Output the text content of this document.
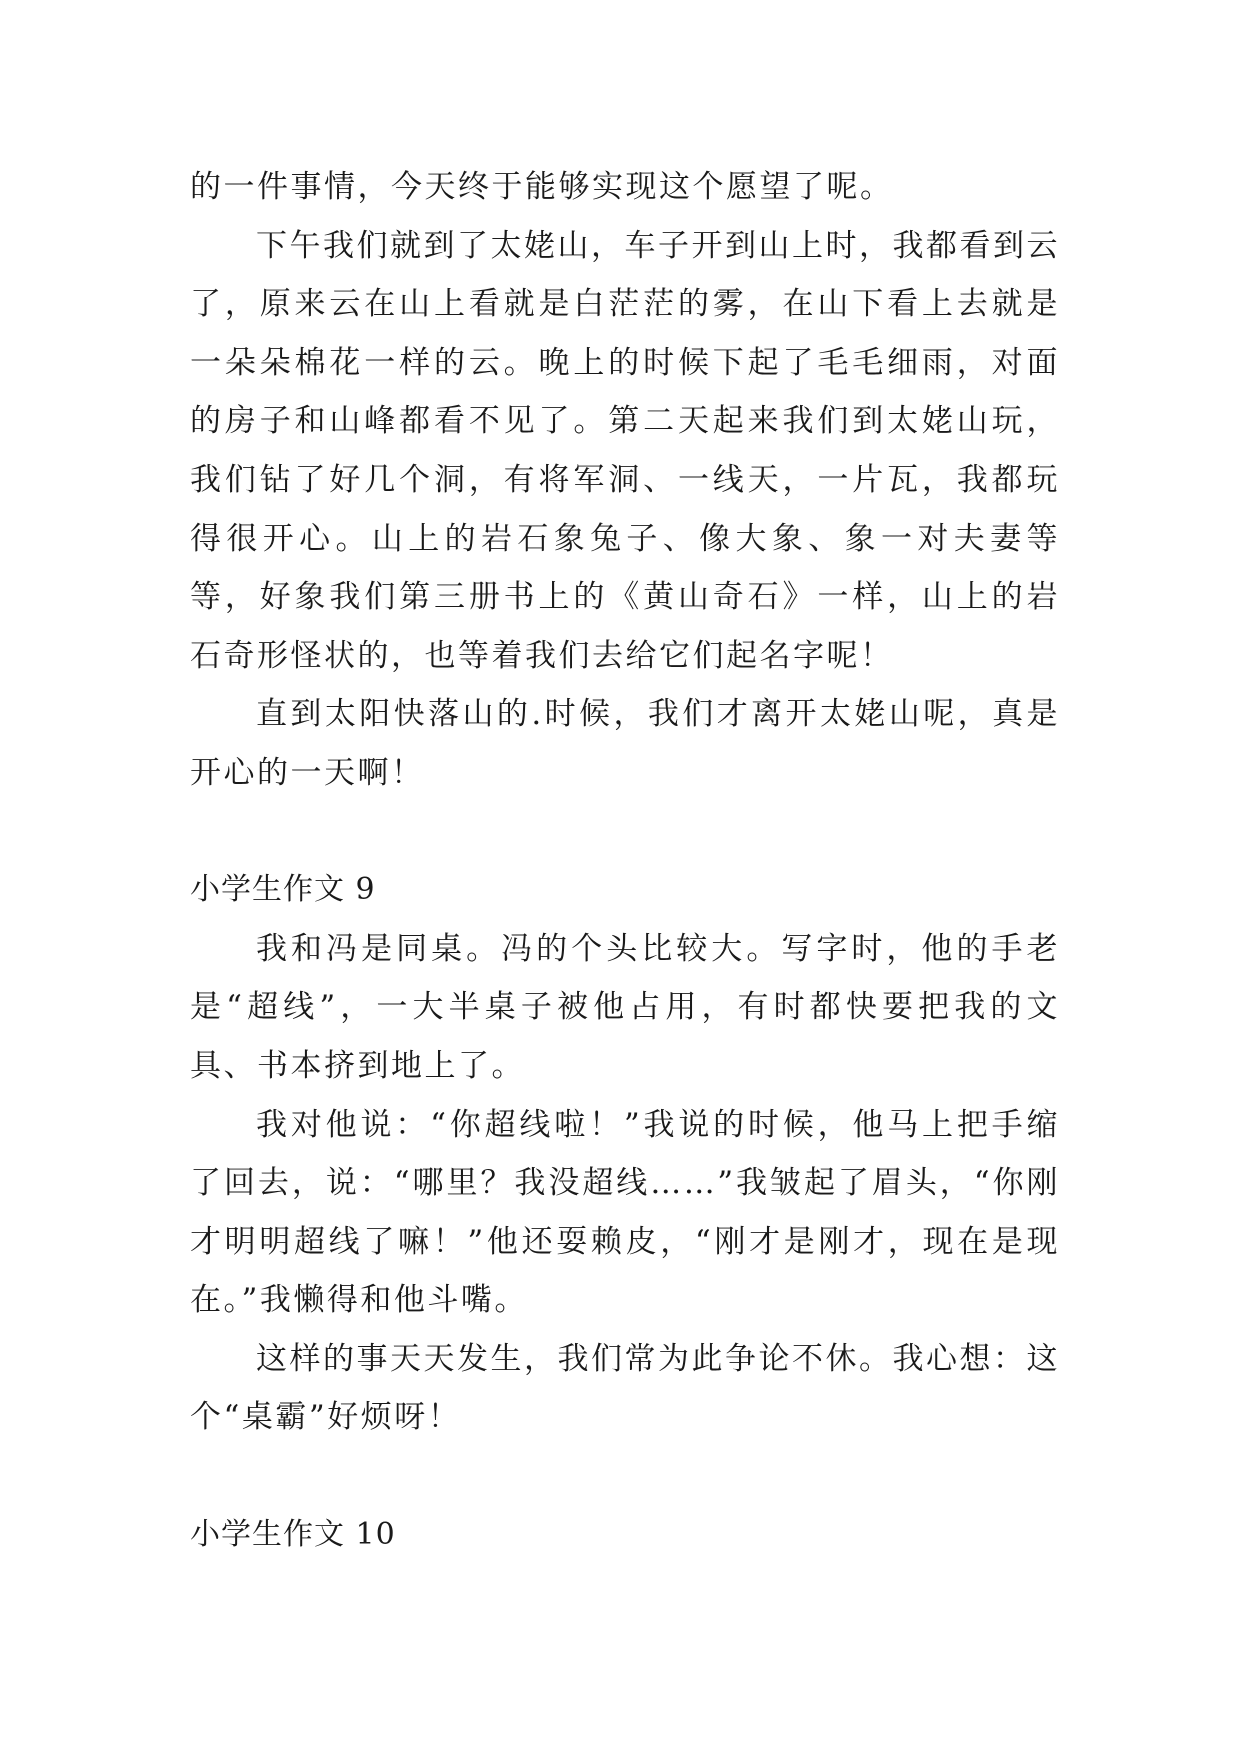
的一件事情，今天终于能够实现这个愿望了呢。

下午我们就到了太姥山，车子开到山上时，我都看到云了，原来云在山上看就是白茫茫的雾，在山下看上去就是一朵朵棉花一样的云。晚上的时候下起了毛毛细雨，对面的房子和山峰都看不见了。第二天起来我们到太姥山玩，我们钻了好几个洞，有将军洞、一线天，一片瓦，我都玩得很开心。山上的岩石象兔子、像大象、象一对夫妻等等，好象我们第三册书上的《黄山奇石》一样，山上的岩石奇形怪状的，也等着我们去给它们起名字呢！

直到太阳快落山的.时候，我们才离开太姥山呢，真是开心的一天啊！

小学生作文 9

我和冯是同桌。冯的个头比较大。写字时，他的手老是“超线”，一大半桌子被他占用，有时都快要把我的文具、书本挤到地上了。

我对他说：“你超线啦！”我说的时候，他马上把手缩了回去，说：“哪里？我没超线……”我皱起了眉头，“你刚才明明超线了嘛！”他还耍赖皮，“刚才是刚才，现在是现在。”我懒得和他斗嘴。

这样的事天天发生，我们常为此争论不休。我心想：这个“桌霸”好烦呀！

小学生作文 10
